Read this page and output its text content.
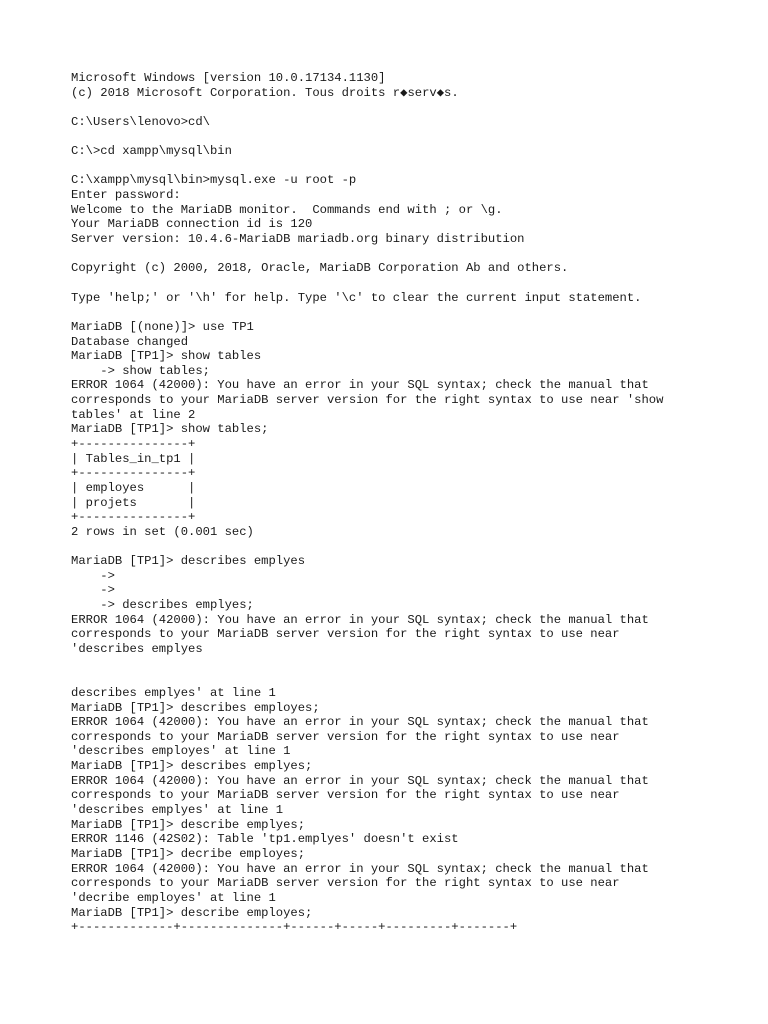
Microsoft Windows [version 10.0.17134.1130]
(c) 2018 Microsoft Corporation. Tous droits r◆serv◆s.
C:\Users\lenovo>cd\
C:\>cd xampp\mysql\bin
C:\xampp\mysql\bin>mysql.exe -u root -p
Enter password:
Welcome to the MariaDB monitor.  Commands end with ; or \g.
Your MariaDB connection id is 120
Server version: 10.4.6-MariaDB mariadb.org binary distribution
Copyright (c) 2000, 2018, Oracle, MariaDB Corporation Ab and others.
Type 'help;' or '\h' for help. Type '\c' to clear the current input statement.
MariaDB [(none)]> use TP1
Database changed
MariaDB [TP1]> show tables
-> show tables;
ERROR 1064 (42000): You have an error in your SQL syntax; check the manual that
corresponds to your MariaDB server version for the right syntax to use near 'show
tables' at line 2
MariaDB [TP1]> show tables;
+---------------+
| Tables_in_tp1 |
+---------------+
| employes      |
| projets       |
+---------------+
2 rows in set (0.001 sec)
MariaDB [TP1]> describes emplyes
->
->
-> describes emplyes;
ERROR 1064 (42000): You have an error in your SQL syntax; check the manual that
corresponds to your MariaDB server version for the right syntax to use near
'describes emplyes
describes emplyes' at line 1
MariaDB [TP1]> describes employes;
ERROR 1064 (42000): You have an error in your SQL syntax; check the manual that
corresponds to your MariaDB server version for the right syntax to use near
'describes employes' at line 1
MariaDB [TP1]> describes emplyes;
ERROR 1064 (42000): You have an error in your SQL syntax; check the manual that
corresponds to your MariaDB server version for the right syntax to use near
'describes emplyes' at line 1
MariaDB [TP1]> describe emplyes;
ERROR 1146 (42S02): Table 'tp1.emplyes' doesn't exist
MariaDB [TP1]> decribe employes;
ERROR 1064 (42000): You have an error in your SQL syntax; check the manual that
corresponds to your MariaDB server version for the right syntax to use near
'decribe employes' at line 1
MariaDB [TP1]> describe employes;
+-------------+--------------+------+-----+---------+-------+
